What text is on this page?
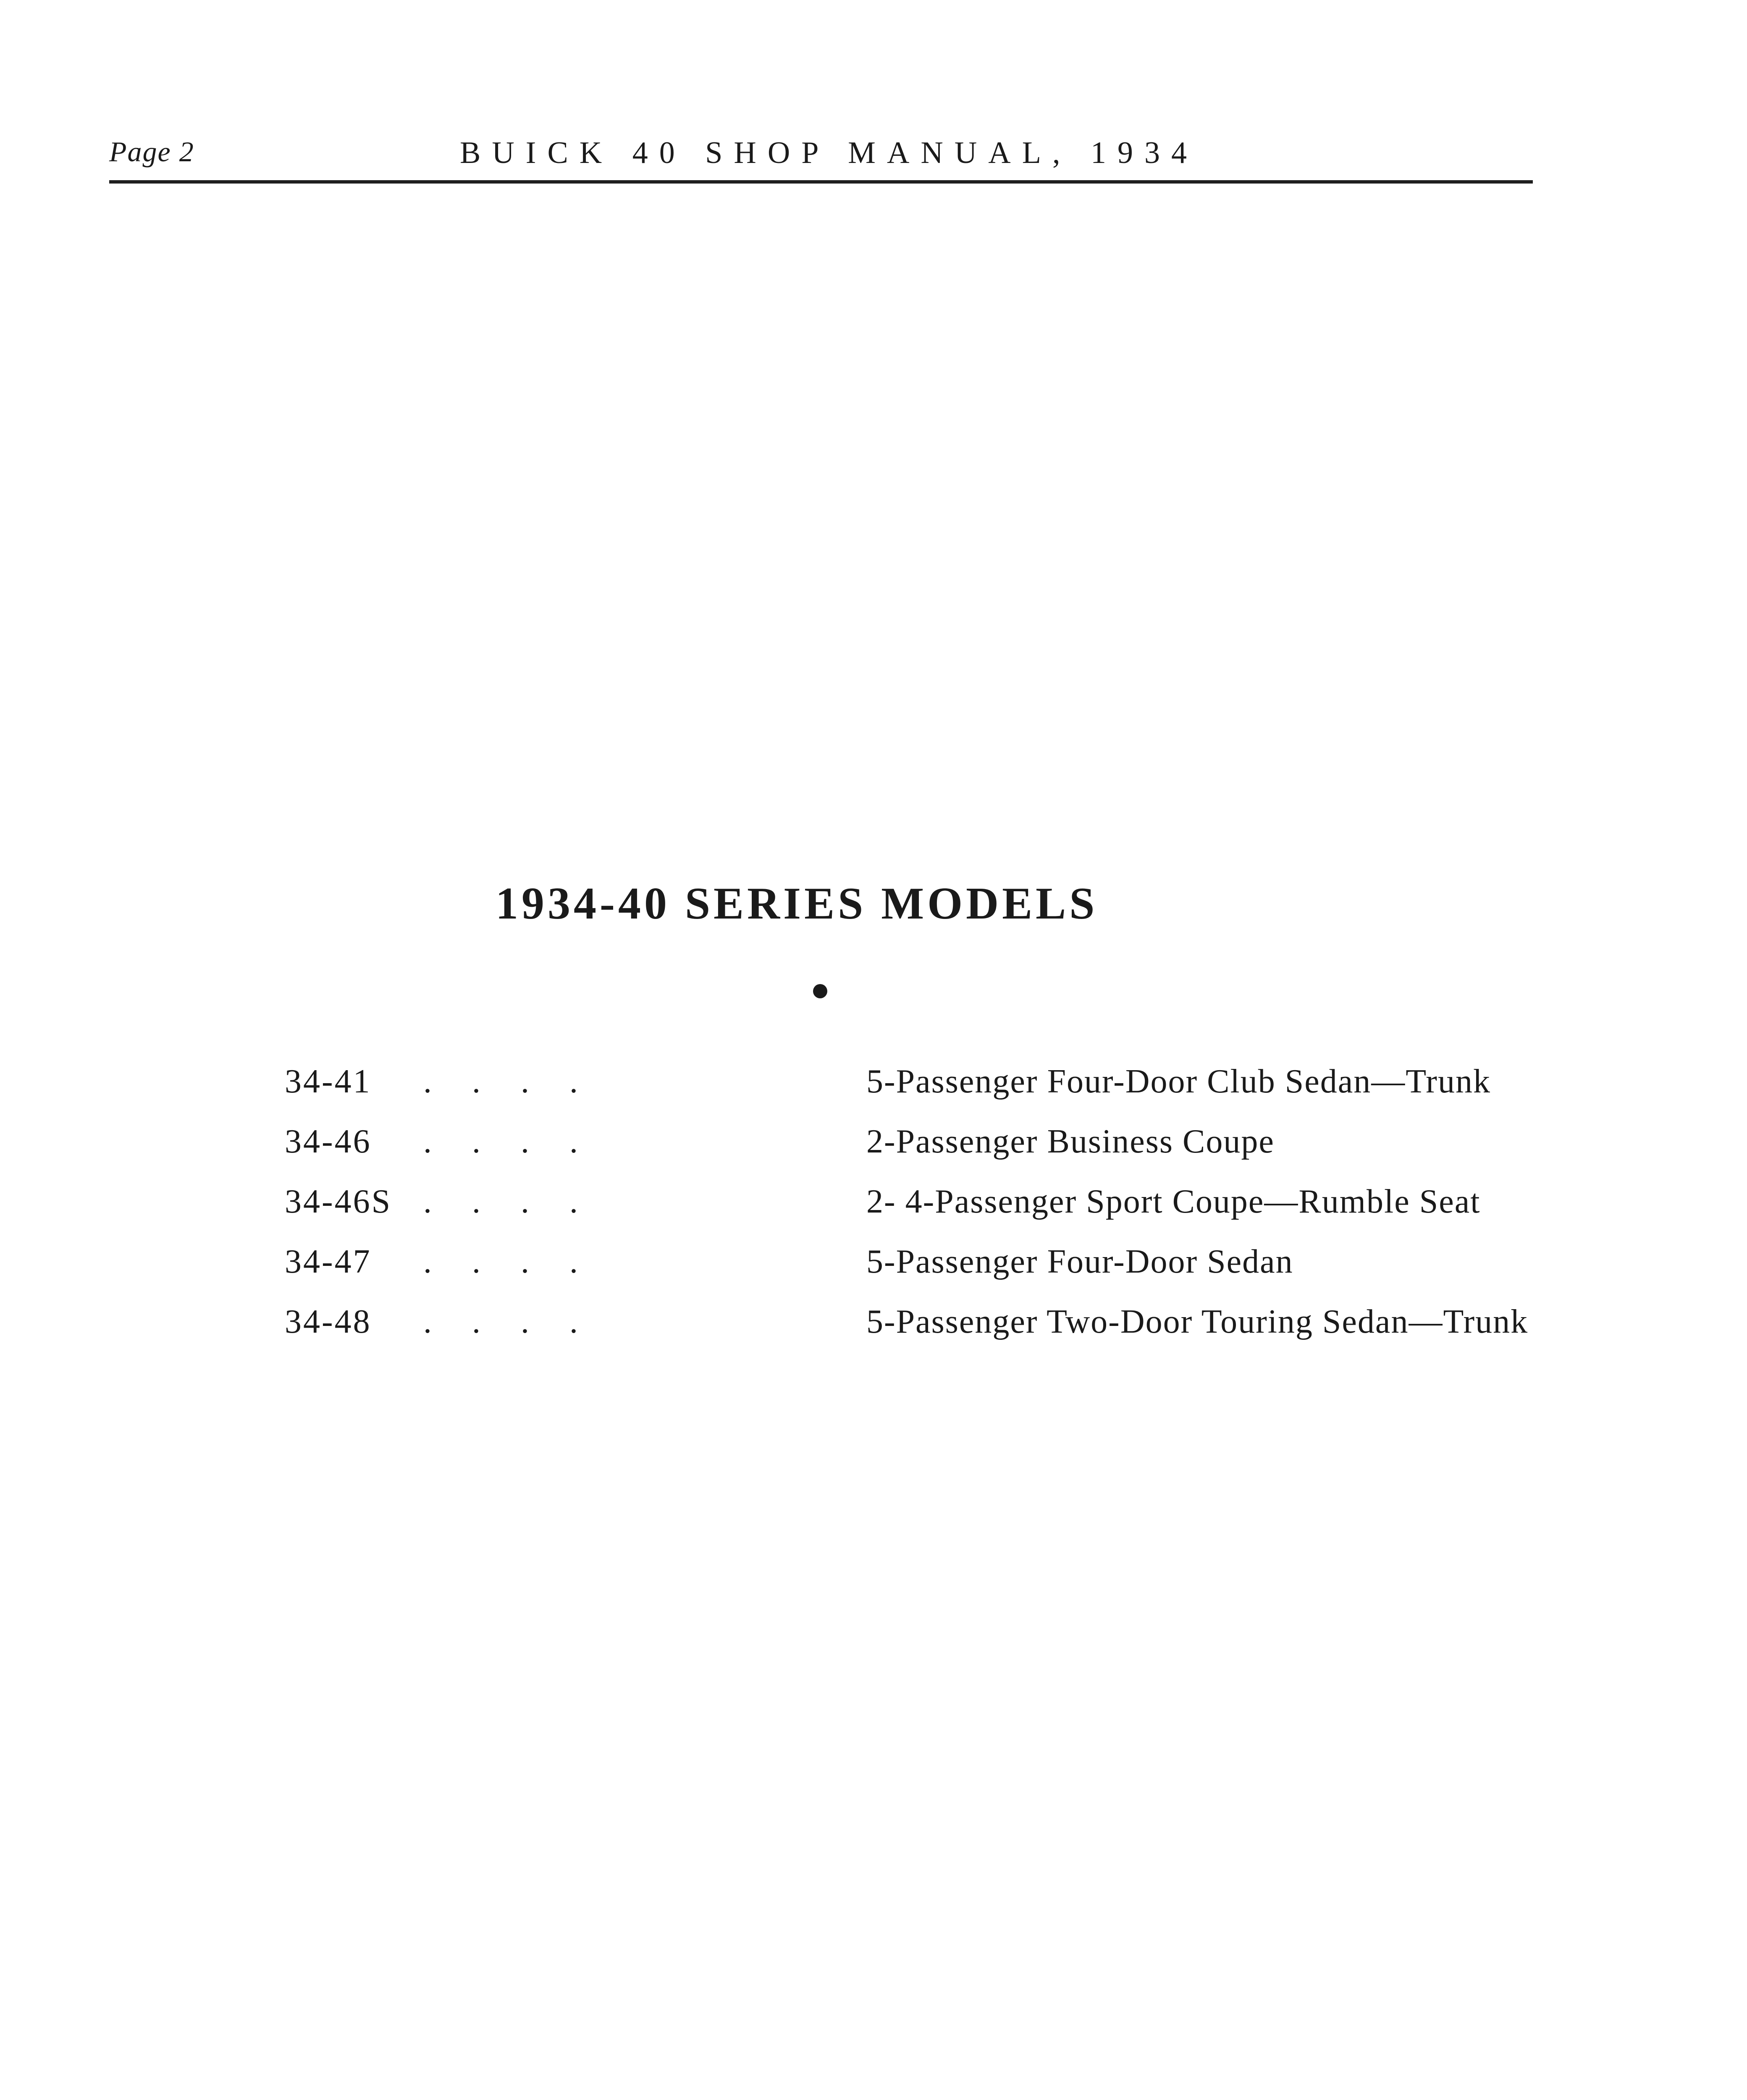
Page 2	BUICK 40 SHOP MANUAL, 1934
1934-40 SERIES MODELS
34-41 . . . .	5-Passenger Four-Door Club Sedan—Trunk
34-46 . . . .	2-Passenger Business Coupe
34-46S . . . .	2- 4-Passenger Sport Coupe—Rumble Seat
34-47 . . . .	5-Passenger Four-Door Sedan
34-48 . . . .	5-Passenger Two-Door Touring Sedan—Trunk
